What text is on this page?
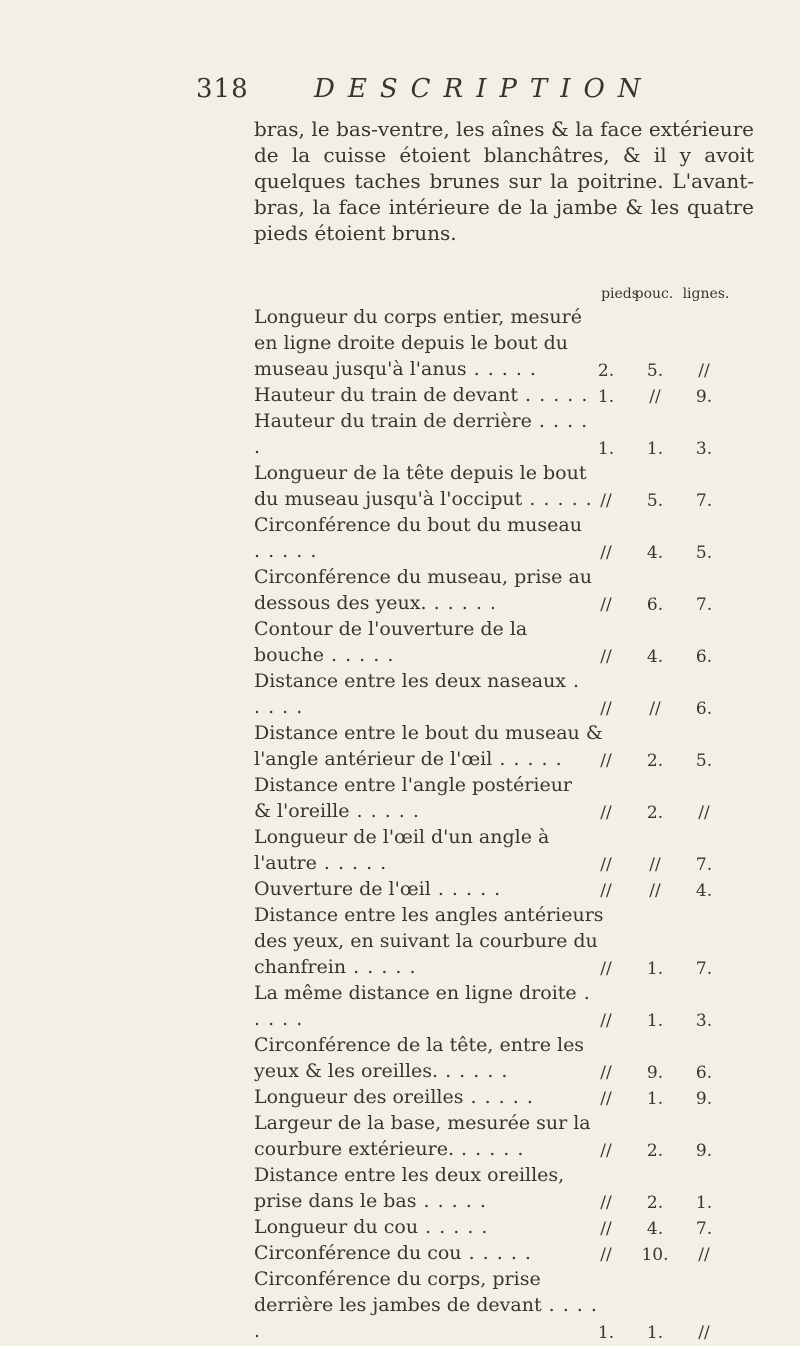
318	DESCRIPTION

bras, le bas-ventre, les aînes & la face extérieure de la cuisse étoient blanchâtres, & il y avoit quelques taches brunes sur la poitrine. L'avant-bras, la face intérieure de la jambe & les quatre pieds étoient bruns.

pieds
pouc. lignes.
Longueur du corps entier, mesuré en ligne droite depuis le bout du museau jusqu'à l'anus . . . . .	2.	5.	//
Hauteur du train de devant . . . . . 1.	//	9.
Hauteur du train de derrière . . . . .	1.	1.	3.
Longueur de la tête depuis le bout du museau jusqu'à l'occiput . . . . . //	5.	7.
Circonférence du bout du museau . . . . .	//	4.	5.
Circonférence du museau, prise au dessous des yeux. . . . . .	//	6.	7.
Contour de l'ouverture de la bouche . . . . .	//	4.	6.
Distance entre les deux naseaux . . . . .	//	//	6.
Distance entre le bout du museau & l'angle antérieur de l'œil . . . . .	//	2.	5.
Distance entre l'angle postérieur & l'oreille . . . . .	//	2.	//
Longueur de l'œil d'un angle à l'autre . . . . .	//	//	7.
Ouverture de l'œil . . . . .	//	//	4.
Distance entre les angles antérieurs des yeux, en suivant la courbure du chanfrein . . . . .	//	1.	7.
La même distance en ligne droite . . . . .	//	1.	3.
Circonférence de la tête, entre les yeux & les oreilles. . . . . .	//	9.	6.
Longueur des oreilles . . . . .	//	1.	9.
Largeur de la base, mesurée sur la courbure extérieure. . . . . .	//	2.	9.
Distance entre les deux oreilles, prise dans le bas . . . . .	//	2.	1.
Longueur du cou . . . . .	//	4.	7.
Circonférence du cou . . . . .	//	10.	//
Circonférence du corps, prise derrière les jambes de devant . . . . .	1.	1.	//
